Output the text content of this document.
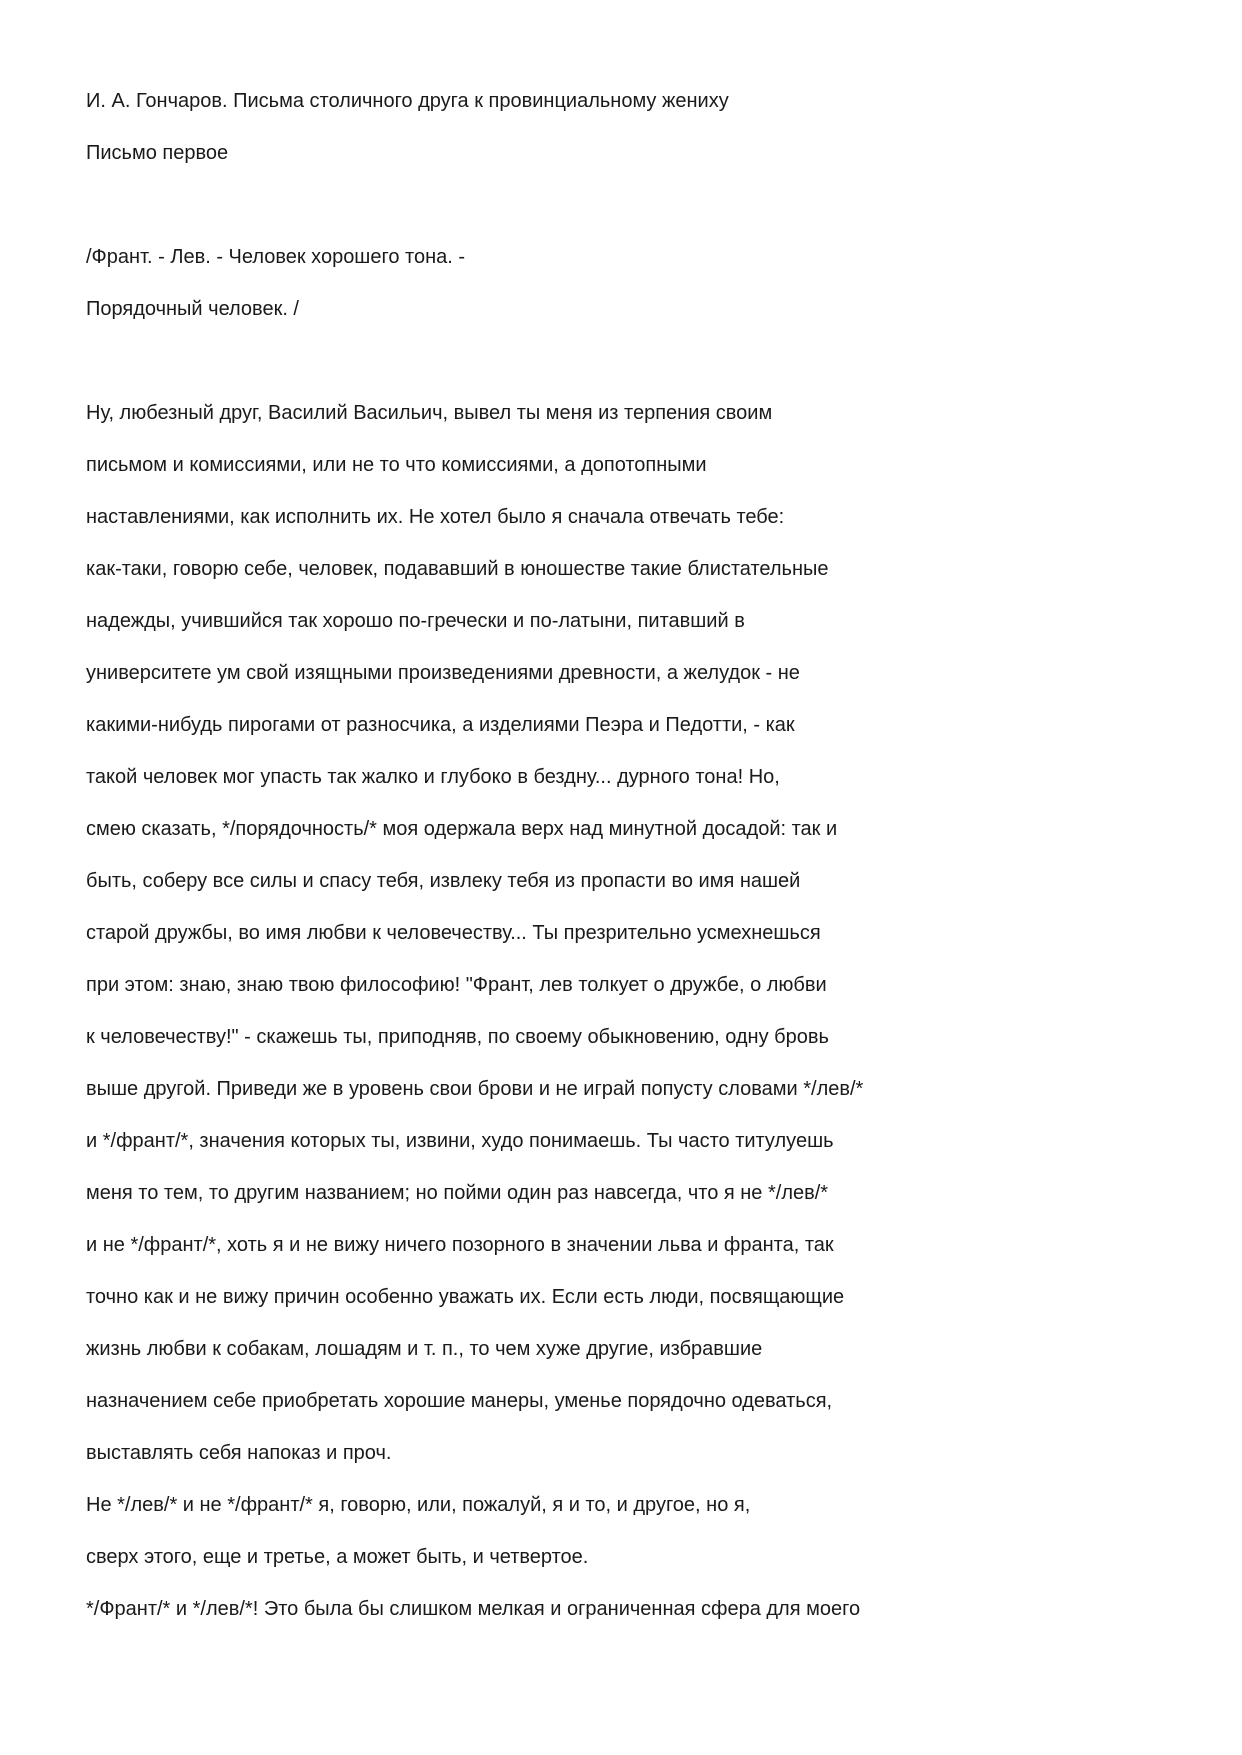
И. А. Гончаров. Письма столичного друга к провинциальному жениху

Письмо первое

/Франт. - Лев. - Человек хорошего тона. -

Порядочный человек. /

Ну, любезный друг, Василий Васильич, вывел ты меня из терпения своим

письмом и комиссиями, или не то что комиссиями, а допотопными

наставлениями, как исполнить их. Не хотел было я сначала отвечать тебе:

как-таки, говорю себе, человек, подававший в юношестве такие блистательные

надежды, учившийся так хорошо по-гречески и по-латыни, питавший в

университете ум свой изящными произведениями древности, а желудок - не

какими-нибудь пирогами от разносчика, а изделиями Пеэра и Педотти, - как

такой человек мог упасть так жалко и глубоко в бездну... дурного тона! Но,

смею сказать, */порядочность/* моя одержала верх над минутной досадой: так и

быть, соберу все силы и спасу тебя, извлеку тебя из пропасти во имя нашей

старой дружбы, во имя любви к человечеству... Ты презрительно усмехнешься

при этом: знаю, знаю твою философию! "Франт, лев толкует о дружбе, о любви

к человечеству!" - скажешь ты, приподняв, по своему обыкновению, одну бровь

выше другой. Приведи же в уровень свои брови и не играй попусту словами */лев/*

и */франт/*, значения которых ты, извини, худо понимаешь. Ты часто титулуешь

меня то тем, то другим названием; но пойми один раз навсегда, что я не */лев/*

и не */франт/*, хоть я и не вижу ничего позорного в значении льва и франта, так

точно как и не вижу причин особенно уважать их. Если есть люди, посвящающие

жизнь любви к собакам, лошадям и т. п., то чем хуже другие, избравшие

назначением себе приобретать хорошие манеры, уменье порядочно одеваться,

выставлять себя напоказ и проч.

Не */лев/* и не */франт/* я, говорю, или, пожалуй, я и то, и другое, но я,

сверх этого, еще и третье, а может быть, и четвертое.

*/Франт/* и */лев/*! Это была бы слишком мелкая и ограниченная сфера для моего
